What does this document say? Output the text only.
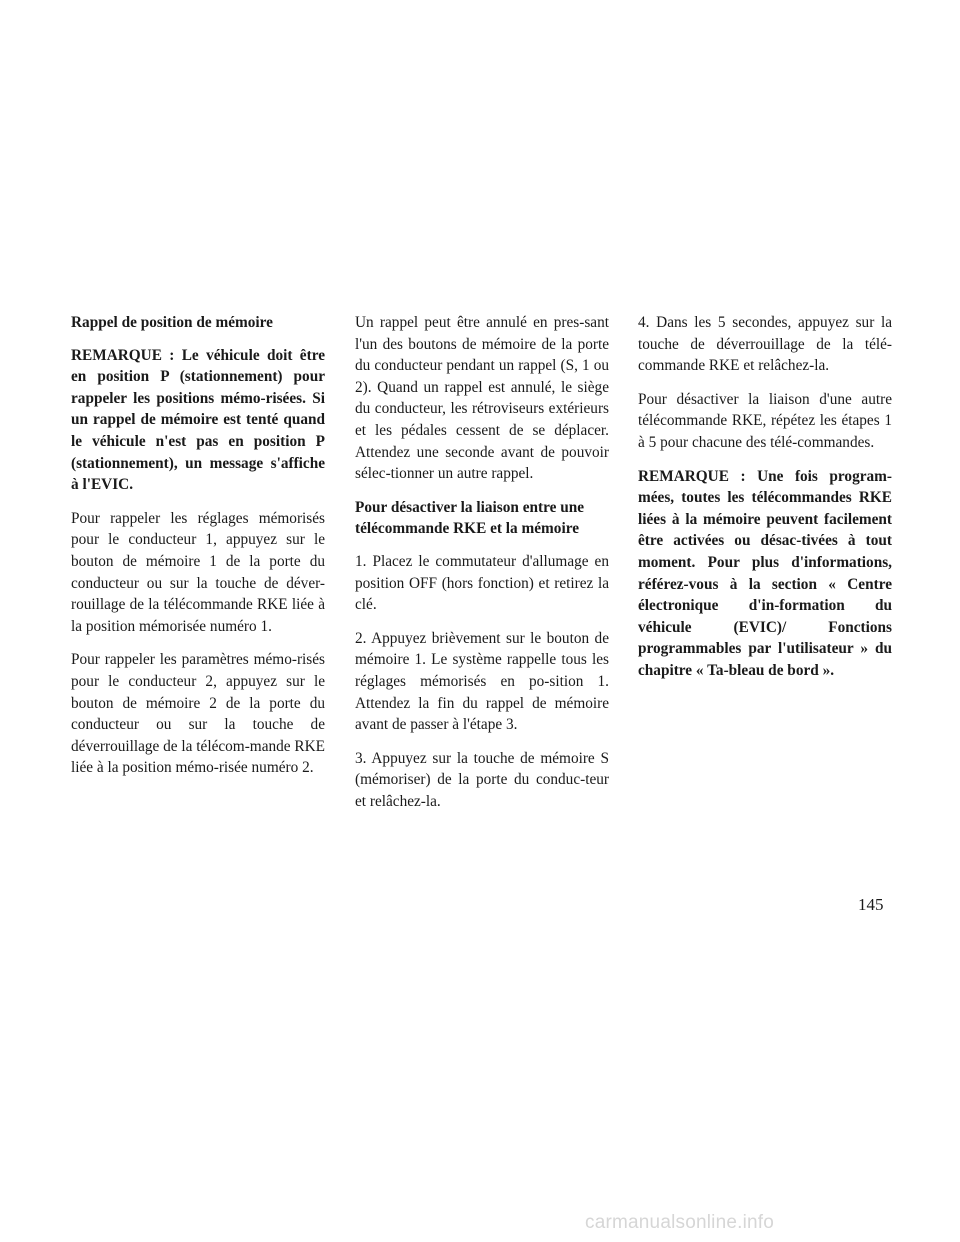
Rappel de position de mémoire

REMARQUE : Le véhicule doit être en position P (stationnement) pour rappeler les positions mémo-risées. Si un rappel de mémoire est tenté quand le véhicule n'est pas en position P (stationnement), un message s'affiche à l'EVIC.

Pour rappeler les réglages mémorisés pour le conducteur 1, appuyez sur le bouton de mémoire 1 de la porte du conducteur ou sur la touche de déver-rouillage de la télécommande RKE liée à la position mémorisée numéro 1.

Pour rappeler les paramètres mémo-risés pour le conducteur 2, appuyez sur le bouton de mémoire 2 de la porte du conducteur ou sur la touche de déverrouillage de la télécom-mande RKE liée à la position mémo-risée numéro 2.

Un rappel peut être annulé en pres-sant l'un des boutons de mémoire de la porte du conducteur pendant un rappel (S, 1 ou 2). Quand un rappel est annulé, le siège du conducteur, les rétroviseurs extérieurs et les pédales cessent de se déplacer. Attendez une seconde avant de pouvoir sélec-tionner un autre rappel.

Pour désactiver la liaison entre une télécommande RKE et la mémoire

1. Placez le commutateur d'allumage en position OFF (hors fonction) et retirez la clé.

2. Appuyez brièvement sur le bouton de mémoire 1. Le système rappelle tous les réglages mémorisés en po-sition 1. Attendez la fin du rappel de mémoire avant de passer à l'étape 3.

3. Appuyez sur la touche de mémoire S (mémoriser) de la porte du conduc-teur et relâchez-la.

4. Dans les 5 secondes, appuyez sur la touche de déverrouillage de la télé-commande RKE et relâchez-la.

Pour désactiver la liaison d'une autre télécommande RKE, répétez les étapes 1 à 5 pour chacune des télé-commandes.

REMARQUE : Une fois program-mées, toutes les télécommandes RKE liées à la mémoire peuvent facilement être activées ou désac-tivées à tout moment. Pour plus d'informations, référez-vous à la section « Centre électronique d'in-formation du véhicule (EVIC)/ Fonctions programmables par l'utilisateur » du chapitre « Ta-bleau de bord ».

145
carmanualsonline.info
